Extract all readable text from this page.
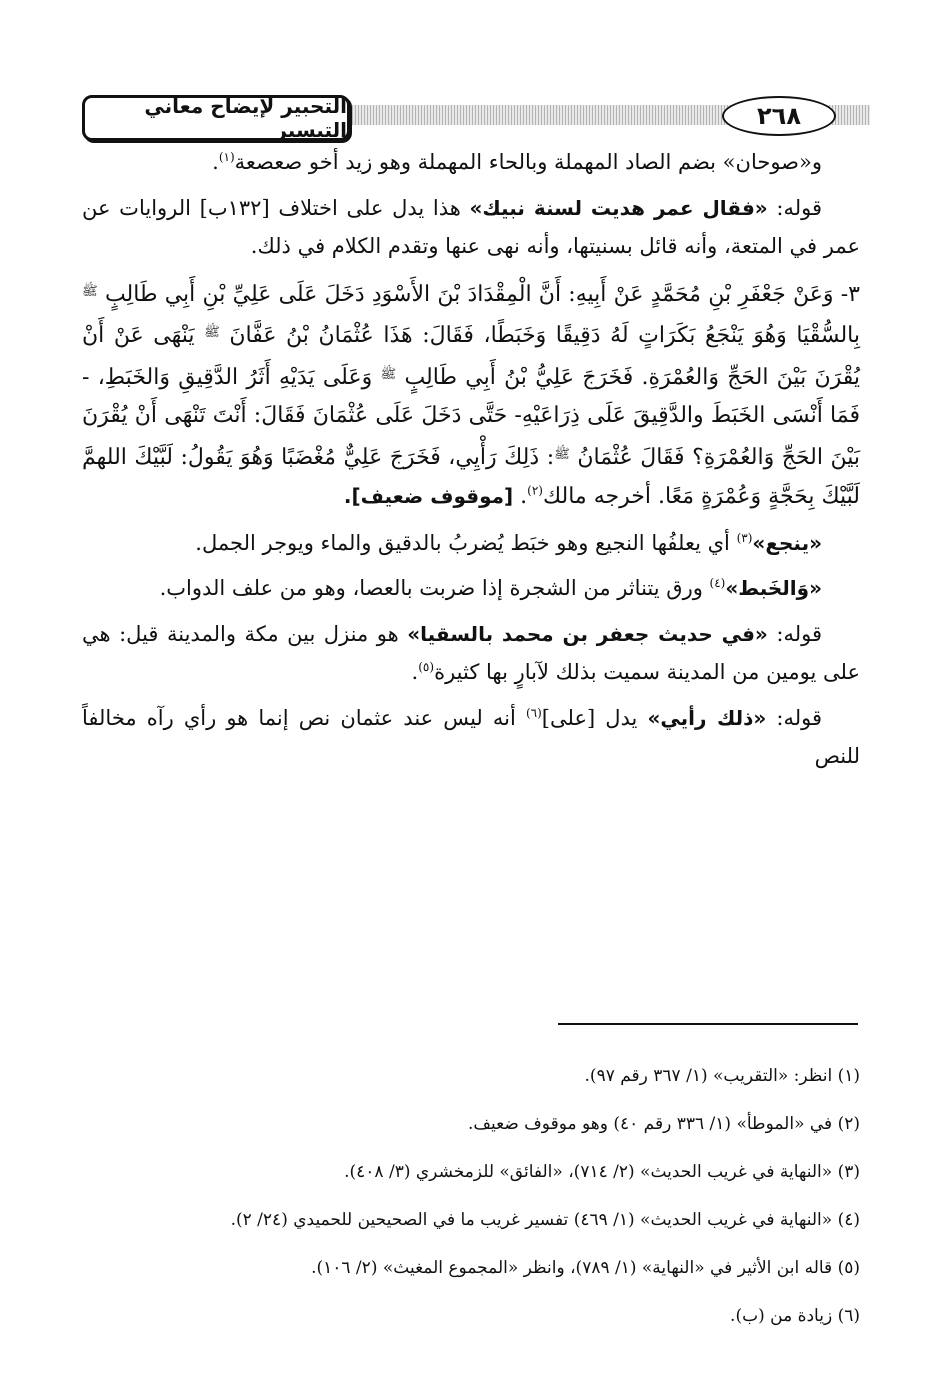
التحبير لإيضاح معاني التيسير	٢٦٨

و«صوحان» بضم الصاد المهملة وبالحاء المهملة وهو زيد أخو صعصعة$^{(١)}$.

قوله: «فقال عمر هديت لسنة نبيك» هذا يدل على اختلاف [١٣٢ب] الروايات عن عمر في المتعة، وأنه قائل بسنيتها، وأنه نهى عنها وتقدم الكلام في ذلك.

٣- وَعَنْ جَعْفَرِ بْنِ مُحَمَّدٍ عَنْ أَبِيهِ: أَنَّ الْمِقْدَادَ بْنَ الأَسْوَدِ دَخَلَ عَلَى عَلِيِّ بْنِ أَبِي طَالِبٍ $^ﷺ$ بِالسُّقْيَا وَهُوَ يَنْجَعُ بَكَرَاتٍ لَهُ دَقِيقًا وَخَبَطًا، فَقَالَ: هَذَا عُثْمَانُ بْنُ عَفَّانَ $^ﷺ$ يَنْهَى عَنْ أَنْ يُقْرَنَ بَيْنَ الحَجِّ وَالعُمْرَةِ. فَخَرَجَ عَلِيُّ بْنُ أَبِي طَالِبٍ $^ﷺ$ وَعَلَى يَدَيْهِ أَثَرُ الدَّقِيقِ وَالخَبَطِ، - فَمَا أَنْسَى الخَبَطَ والدَّقِيقَ عَلَى ذِرَاعَيْهِ- حَتَّى دَخَلَ عَلَى عُثْمَانَ فَقَالَ: أَنْتَ تَنْهَى أَنْ يُقْرَنَ بَيْنَ الحَجِّ وَالعُمْرَةِ؟ فَقَالَ عُثْمَانُ $^ﷺ$: ذَلِكَ رَأْيِي، فَخَرَجَ عَلِيٌّ مُغْضَبًا وَهُوَ يَقُولُ: لَبَّيْكَ اللهمَّ لَبَّيْكَ بِحَجَّةٍ وَعُمْرَةٍ مَعًا. أخرجه مالك$^{(٢)}$. [موقوف ضعيف].

«ينجع»$^{(٣)}$ أي يعلفُها النجيع وهو خبَط يُضربُ بالدقيق والماء ويوجر الجمل.

«وَالخَبط»$^{(٤)}$ ورق يتناثر من الشجرة إذا ضربت بالعصا، وهو من علف الدواب.

قوله: «في حديث جعفر بن محمد بالسقيا» هو منزل بين مكة والمدينة قيل: هي على يومين من المدينة سميت بذلك لآبارٍ بها كثيرة$^{(٥)}$.

قوله: «ذلك رأيي» يدل [على]$^{(٦)}$ أنه ليس عند عثمان نص إنما هو رأي رآه مخالفاً للنص

(١) انظر: «التقريب» (١/ ٣٦٧ رقم ٩٧).

(٢) في «الموطأ» (١/ ٣٣٦ رقم ٤٠) وهو موقوف ضعيف.

(٣) «النهاية في غريب الحديث» (٢/ ٧١٤)، «الفائق» للزمخشري (٣/ ٤٠٨).

(٤) «النهاية في غريب الحديث» (١/ ٤٦٩) تفسير غريب ما في الصحيحين للحميدي (٢٤/ ٢).

(٥) قاله ابن الأثير في «النهاية» (١/ ٧٨٩)، وانظر «المجموع المغيث» (٢/ ١٠٦).

(٦) زيادة من (ب).
